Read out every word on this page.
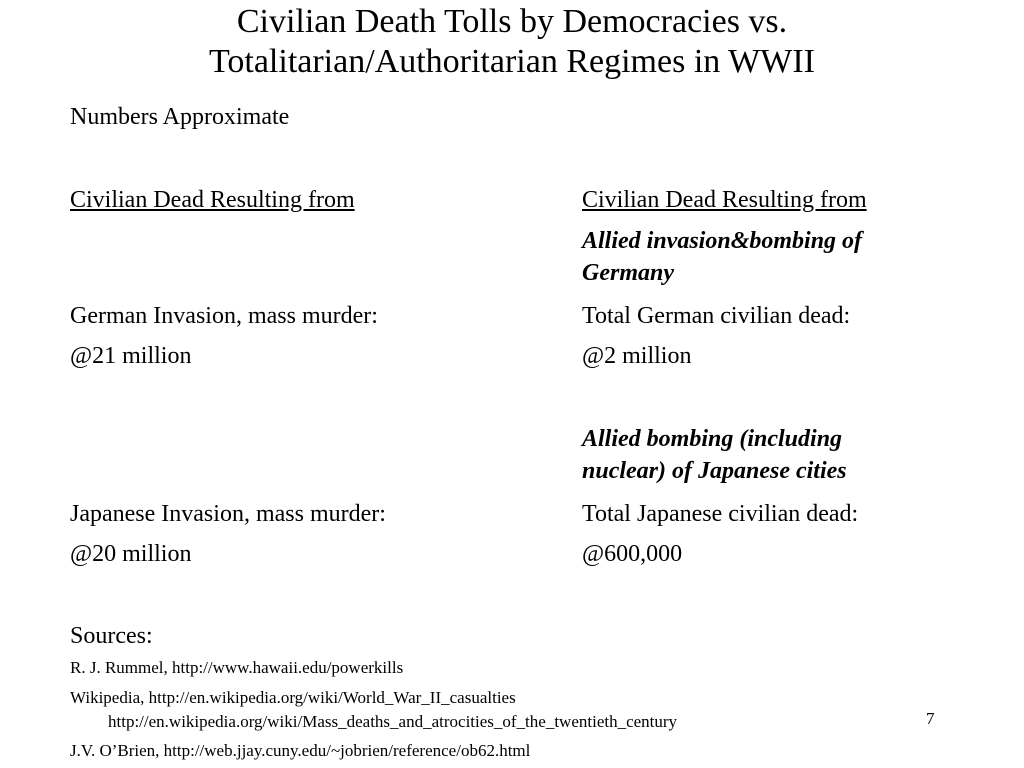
Civilian Death Tolls by Democracies vs.
Totalitarian/Authoritarian Regimes in WWII
Numbers Approximate
Civilian Dead Resulting from	Civilian Dead Resulting from
Allied invasion&bombing of
Germany
German Invasion, mass murder:
@21 million
Total German civilian dead:
@2 million
Allied bombing (including
nuclear) of Japanese cities
Japanese Invasion, mass murder:
@20 million
Total Japanese civilian dead:
@600,000
Sources:
R. J. Rummel, http://www.hawaii.edu/powerkills
Wikipedia, http://en.wikipedia.org/wiki/World_War_II_casualties
http://en.wikipedia.org/wiki/Mass_deaths_and_atrocities_of_the_twentieth_century
J.V. O’Brien, http://web.jjay.cuny.edu/~jobrien/reference/ob62.html
7
